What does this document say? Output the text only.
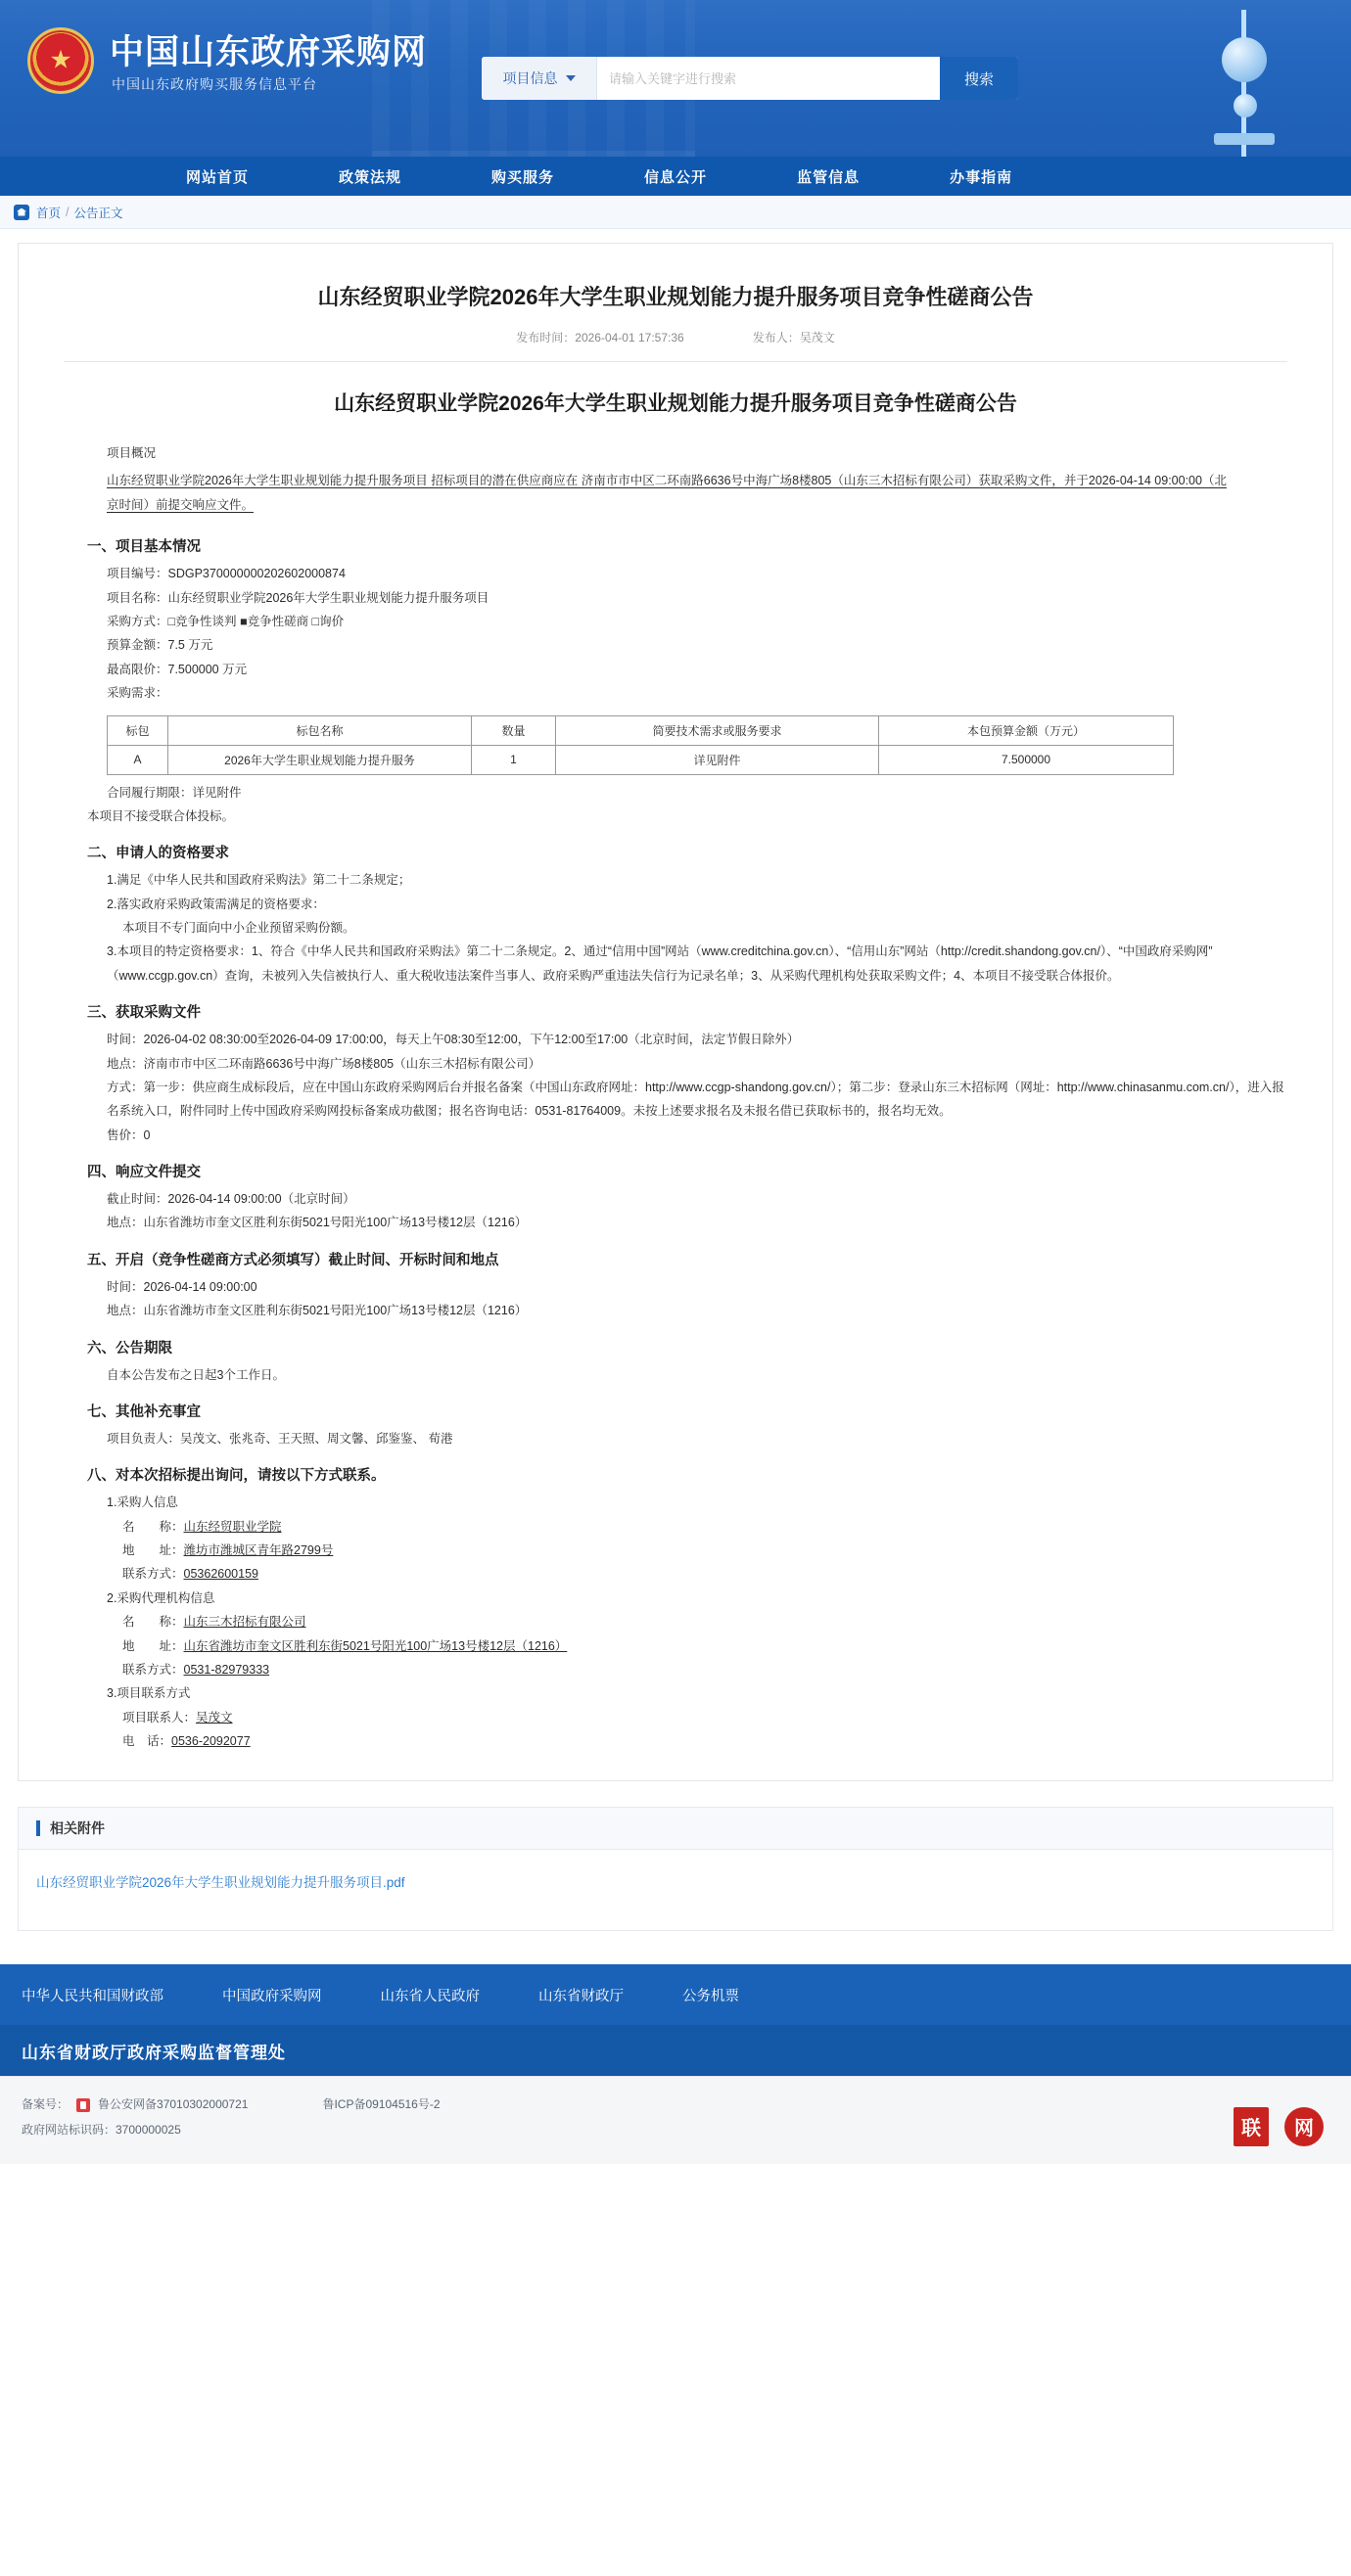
★
中国山东政府采购网
中国山东政府购买服务信息平台	项目信息
请输入关键字进行搜索	搜索
网站首页	政策法规	购买服务	信息公开	监管信息	办事指南
首页 / 公告正文
山东经贸职业学院2026年大学生职业规划能力提升服务项目竞争性磋商公告
发布时间：2026-04-01 17:57:36	发布人：吴茂文
山东经贸职业学院2026年大学生职业规划能力提升服务项目竞争性磋商公告
项目概况
山东经贸职业学院2026年大学生职业规划能力提升服务项目 招标项目的潜在供应商应在 济南市市中区二环南路6636号中海广场8楼805（山东三木招标有限公司）获取采购文件，并于2026-04-14 09:00:00（北京时间）前提交响应文件。
一、项目基本情况
项目编号：SDGP370000000202602000874
项目名称：山东经贸职业学院2026年大学生职业规划能力提升服务项目
采购方式：□竞争性谈判 ■竞争性磋商 □询价
预算金额：7.5 万元
最高限价：7.500000 万元
采购需求：
标包	标包名称	数量	简要技术需求或服务要求	本包预算金额（万元）
A	2026年大学生职业规划能力提升服务	1	详见附件	7.500000
合同履行期限：详见附件
本项目不接受联合体投标。
二、申请人的资格要求
1.满足《中华人民共和国政府采购法》第二十二条规定；
2.落实政府采购政策需满足的资格要求：
本项目不专门面向中小企业预留采购份额。
3.本项目的特定资格要求：1、符合《中华人民共和国政府采购法》第二十二条规定。2、通过“信用中国”网站（www.creditchina.gov.cn）、“信用山东”网站（http://credit.shandong.gov.cn/）、“中国政府采购网”（www.ccgp.gov.cn）查询，未被列入失信被执行人、重大税收违法案件当事人、政府采购严重违法失信行为记录名单；3、从采购代理机构处获取采购文件；4、本项目不接受联合体报价。
三、获取采购文件
时间：2026-04-02 08:30:00至2026-04-09 17:00:00，每天上午08:30至12:00，下午12:00至17:00（北京时间，法定节假日除外）
地点：济南市市中区二环南路6636号中海广场8楼805（山东三木招标有限公司）
方式：第一步：供应商生成标段后，应在中国山东政府采购网后台并报名备案（中国山东政府网址：http://www.ccgp-shandong.gov.cn/）；第二步：登录山东三木招标网（网址：http://www.chinasanmu.com.cn/），进入报名系统入口，附件同时上传中国政府采购网投标备案成功截图；报名咨询电话：0531-81764009。未按上述要求报名及未报名借已获取标书的，报名均无效。
售价：0
四、响应文件提交
截止时间：2026-04-14 09:00:00（北京时间）
地点：山东省潍坊市奎文区胜利东街5021号阳光100广场13号楼12层（1216）
五、开启（竞争性磋商方式必须填写）截止时间、开标时间和地点
时间：2026-04-14 09:00:00
地点：山东省潍坊市奎文区胜利东街5021号阳光100广场13号楼12层（1216）
六、公告期限
自本公告发布之日起3个工作日。
七、其他补充事宜
项目负责人：吴茂文、张兆奇、王天照、周文馨、邱鉴鉴、 荀港
八、对本次招标提出询问，请按以下方式联系。
1.采购人信息
名　　称：山东经贸职业学院
地　　址：潍坊市潍城区青年路2799号
联系方式：05362600159
2.采购代理机构信息
名　　称：山东三木招标有限公司
地　　址：山东省潍坊市奎文区胜利东街5021号阳光100广场13号楼12层（1216）
联系方式：0531-82979333
3.项目联系方式
项目联系人：吴茂文
电　话：0536-2092077
相关附件
山东经贸职业学院2026年大学生职业规划能力提升服务项目.pdf
中华人民共和国财政部	中国政府采购网	山东省人民政府	山东省财政厅	公务机票
山东省财政厅政府采购监督管理处
备案号：	鲁公安网备37010302000721	鲁ICP备09104516号-2
政府网站标识码：3700000025	联	网
